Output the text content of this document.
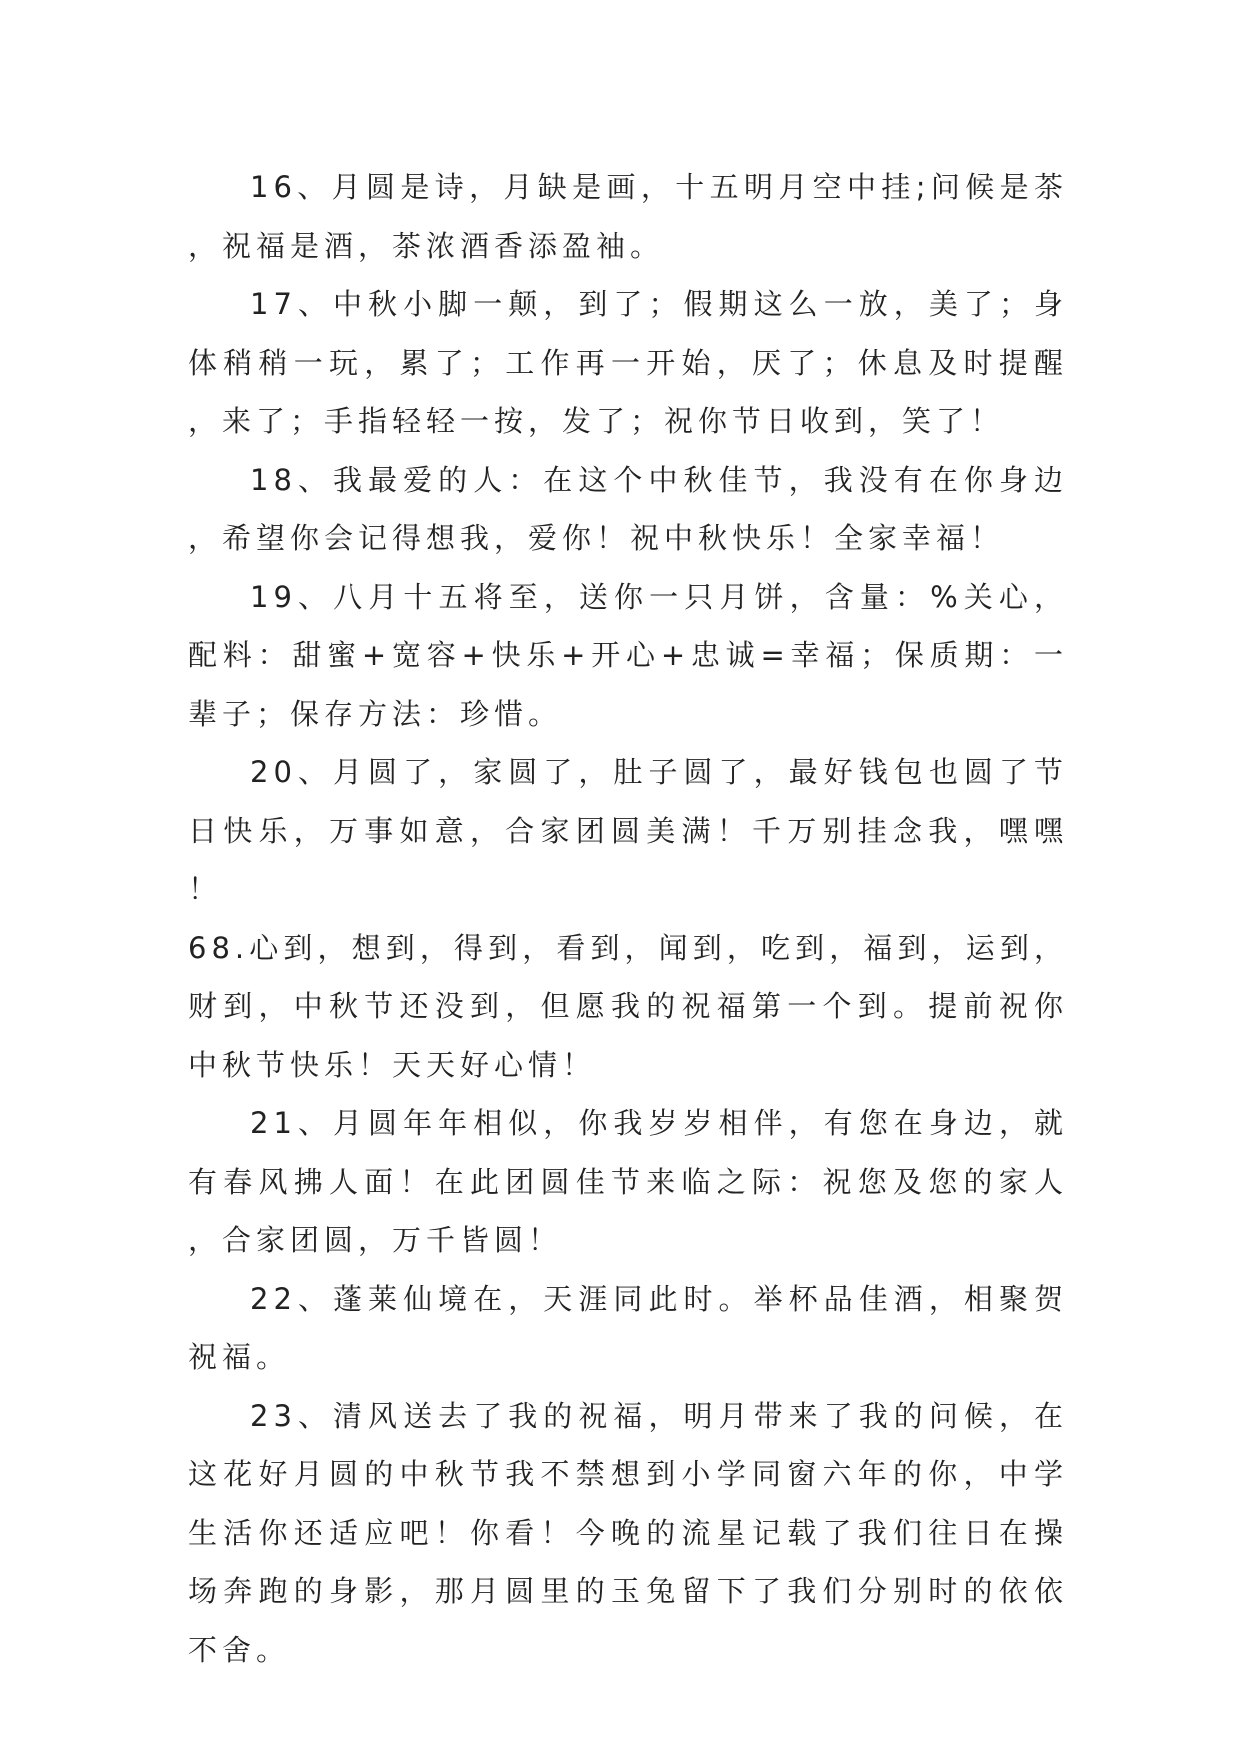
16、月圆是诗，月缺是画，十五明月空中挂;问候是茶，祝福是酒，茶浓酒香添盈袖。

17、中秋小脚一颠，到了；假期这么一放，美了；身体稍稍一玩，累了；工作再一开始，厌了；休息及时提醒，来了；手指轻轻一按，发了；祝你节日收到，笑了！

18、我最爱的人：在这个中秋佳节，我没有在你身边，希望你会记得想我，爱你！祝中秋快乐！全家幸福！

19、八月十五将至，送你一只月饼，含量：%关心，配料：甜蜜+宽容+快乐+开心+忠诚=幸福；保质期：一辈子；保存方法：珍惜。

20、月圆了，家圆了，肚子圆了，最好钱包也圆了节日快乐，万事如意，合家团圆美满！千万别挂念我，嘿嘿！

68.心到，想到，得到，看到，闻到，吃到，福到，运到，财到，中秋节还没到，但愿我的祝福第一个到。提前祝你中秋节快乐！天天好心情！

21、月圆年年相似，你我岁岁相伴，有您在身边，就有春风拂人面！在此团圆佳节来临之际：祝您及您的家人，合家团圆，万千皆圆！

22、蓬莱仙境在，天涯同此时。举杯品佳酒，相聚贺祝福。

23、清风送去了我的祝福，明月带来了我的问候，在这花好月圆的中秋节我不禁想到小学同窗六年的你，中学生活你还适应吧！你看！今晚的流星记载了我们往日在操场奔跑的身影，那月圆里的玉兔留下了我们分别时的依依不舍。
